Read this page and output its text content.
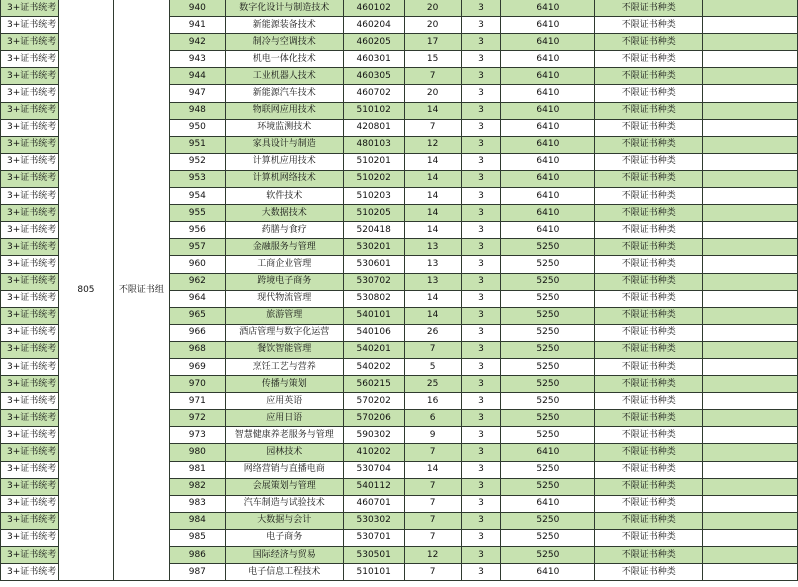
3+证书统考	805	不限证书组	940	数字化设计与制造技术	460102	20	3	6410	不限证书种类	
3+证书统考			941	新能源装备技术	460204	20	3	6410	不限证书种类	
3+证书统考			942	制冷与空调技术	460205	17	3	6410	不限证书种类	
3+证书统考			943	机电一体化技术	460301	15	3	6410	不限证书种类	
3+证书统考			944	工业机器人技术	460305	7	3	6410	不限证书种类	
3+证书统考			947	新能源汽车技术	460702	20	3	6410	不限证书种类	
3+证书统考			948	物联网应用技术	510102	14	3	6410	不限证书种类	
3+证书统考			950	环境监测技术	420801	7	3	6410	不限证书种类	
3+证书统考			951	家具设计与制造	480103	12	3	6410	不限证书种类	
3+证书统考			952	计算机应用技术	510201	14	3	6410	不限证书种类	
3+证书统考			953	计算机网络技术	510202	14	3	6410	不限证书种类	
3+证书统考			954	软件技术	510203	14	3	6410	不限证书种类	
3+证书统考			955	大数据技术	510205	14	3	6410	不限证书种类	
3+证书统考			956	药膳与食疗	520418	14	3	6410	不限证书种类	
3+证书统考			957	金融服务与管理	530201	13	3	5250	不限证书种类	
3+证书统考			960	工商企业管理	530601	13	3	5250	不限证书种类	
3+证书统考			962	跨境电子商务	530702	13	3	5250	不限证书种类	
3+证书统考			964	现代物流管理	530802	14	3	5250	不限证书种类	
3+证书统考			965	旅游管理	540101	14	3	5250	不限证书种类	
3+证书统考			966	酒店管理与数字化运营	540106	26	3	5250	不限证书种类	
3+证书统考			968	餐饮智能管理	540201	7	3	5250	不限证书种类	
3+证书统考			969	烹饪工艺与营养	540202	5	3	5250	不限证书种类	
3+证书统考			970	传播与策划	560215	25	3	5250	不限证书种类	
3+证书统考			971	应用英语	570202	16	3	5250	不限证书种类	
3+证书统考			972	应用日语	570206	6	3	5250	不限证书种类	
3+证书统考			973	智慧健康养老服务与管理	590302	9	3	5250	不限证书种类	
3+证书统考			980	园林技术	410202	7	3	6410	不限证书种类	
3+证书统考			981	网络营销与直播电商	530704	14	3	5250	不限证书种类	
3+证书统考			982	会展策划与管理	540112	7	3	5250	不限证书种类	
3+证书统考			983	汽车制造与试验技术	460701	7	3	6410	不限证书种类	
3+证书统考			984	大数据与会计	530302	7	3	5250	不限证书种类	
3+证书统考			985	电子商务	530701	7	3	5250	不限证书种类	
3+证书统考			986	国际经济与贸易	530501	12	3	5250	不限证书种类	
3+证书统考			987	电子信息工程技术	510101	7	3	6410	不限证书种类	
